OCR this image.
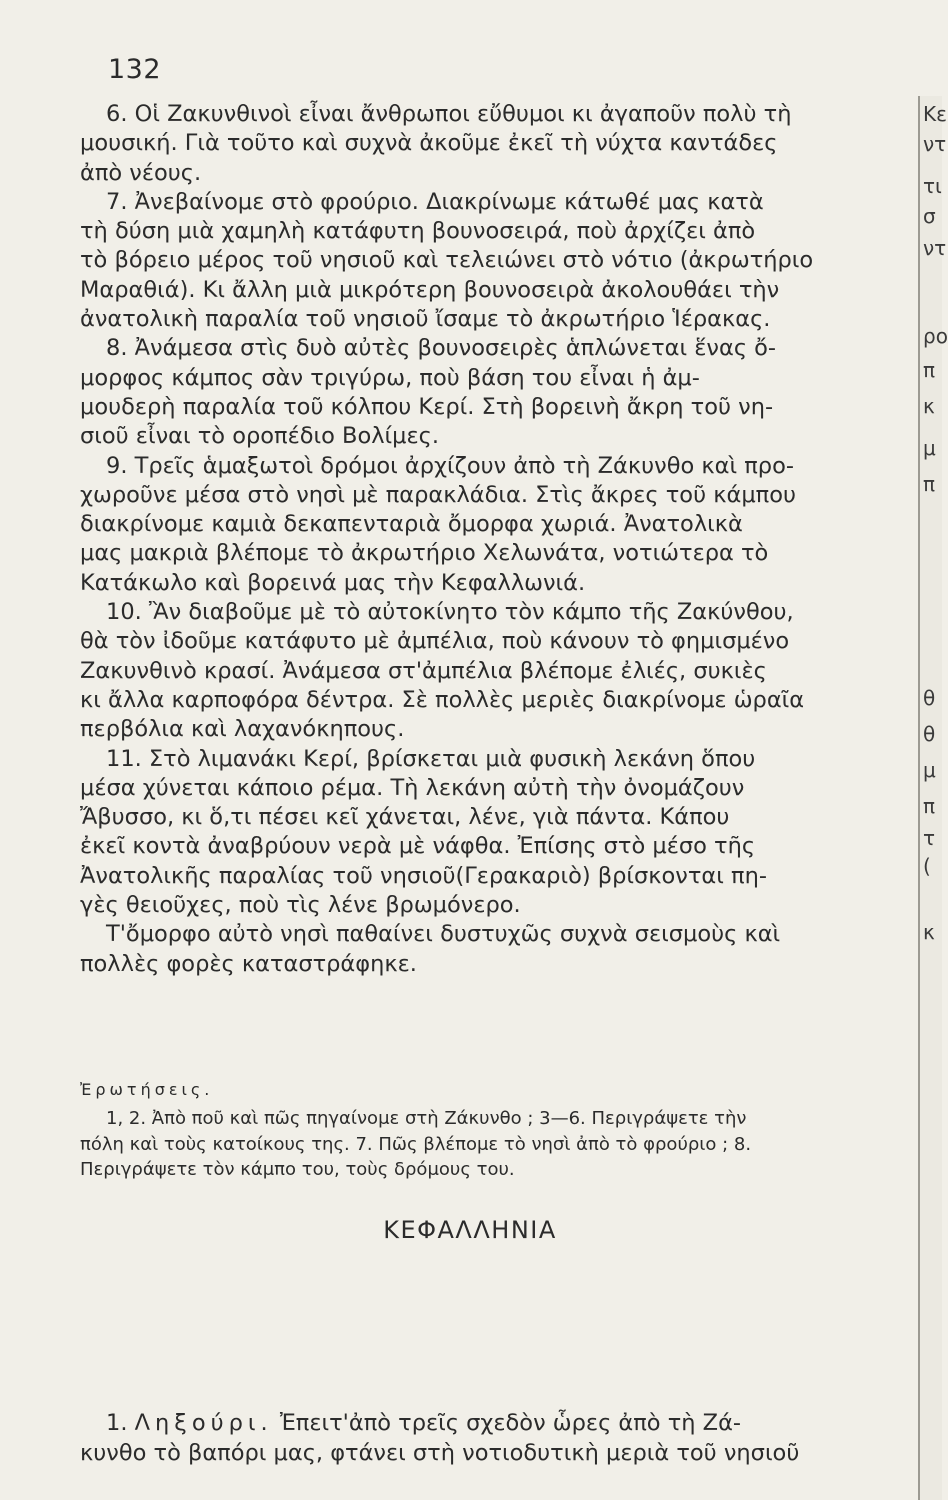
132
6. Οἱ Ζακυνθινοὶ εἶναι ἄνθρωποι εὔθυμοι κι ἀγαποῦν πολὺ τὴ
μουσική. Γιὰ τοῦτο καὶ συχνὰ ἀκοῦμε ἐκεῖ τὴ νύχτα καντάδες
ἀπὸ νέους.
7. Ἀνεβαίνομε στὸ φρούριο. Διακρίνωμε κάτωθέ μας κατὰ
τὴ δύση μιὰ χαμηλὴ κατάφυτη βουνοσειρά, ποὺ ἀρχίζει ἀπὸ
τὸ βόρειο μέρος τοῦ νησιοῦ καὶ τελειώνει στὸ νότιο (ἀκρωτήριο
Μαραθιά). Κι ἄλλη μιὰ μικρότερη βουνοσειρὰ ἀκολουθάει τὴν
ἀνατολικὴ παραλία τοῦ νησιοῦ ἴσαμε τὸ ἀκρωτήριο Ἱέρακας.
8. Ἀνάμεσα στὶς δυὸ αὐτὲς βουνοσειρὲς ἁπλώνεται ἕνας ὄ-
μορφος κάμπος σὰν τριγύρω, ποὺ βάση του εἶναι ἡ ἀμ-
μουδερὴ παραλία τοῦ κόλπου Κερί. Στὴ βορεινὴ ἄκρη τοῦ νη-
σιοῦ εἶναι τὸ οροπέδιο Βολίμες.
9. Τρεῖς ἁμαξωτοὶ δρόμοι ἀρχίζουν ἀπὸ τὴ Ζάκυνθο καὶ προ-
χωροῦνε μέσα στὸ νησὶ μὲ παρακλάδια. Στὶς ἄκρες τοῦ κάμπου
διακρίνομε καμιὰ δεκαπενταριὰ ὄμορφα χωριά. Ἀνατολικὰ
μας μακριὰ βλέπομε τὸ ἀκρωτήριο Χελωνάτα, νοτιώτερα τὸ
Κατάκωλο καὶ βορεινά μας τὴν Κεφαλλωνιά.
10. Ἂν διαβοῦμε μὲ τὸ αὐτοκίνητο τὸν κάμπο τῆς Ζακύνθου,
θὰ τὸν ἰδοῦμε κατάφυτο μὲ ἀμπέλια, ποὺ κάνουν τὸ φημισμένο
Ζακυνθινὸ κρασί. Ἀνάμεσα στ'ἀμπέλια βλέπομε ἐλιές, συκιὲς
κι ἄλλα καρποφόρα δέντρα. Σὲ πολλὲς μεριὲς διακρίνομε ὡραῖα
περβόλια καὶ λαχανόκηπους.
11. Στὸ λιμανάκι Κερί, βρίσκεται μιὰ φυσικὴ λεκάνη ὅπου
μέσα χύνεται κάποιο ρέμα. Τὴ λεκάνη αὐτὴ τὴν ὀνομάζουν
Ἄβυσσο, κι ὅ,τι πέσει κεῖ χάνεται, λένε, γιὰ πάντα. Κάπου
ἐκεῖ κοντὰ ἀναβρύουν νερὰ μὲ νάφθα. Ἐπίσης στὸ μέσο τῆς
Ἀνατολικῆς παραλίας τοῦ νησιοῦ(Γερακαριὸ) βρίσκονται πη-
γὲς θειοῦχες, ποὺ τὶς λένε βρωμόνερο.
Τ'ὄμορφο αὐτὸ νησὶ παθαίνει δυστυχῶς συχνὰ σεισμοὺς καὶ
πολλὲς φορὲς καταστράφηκε.
Ἐρωτήσεις.
1, 2. Ἀπὸ ποῦ καὶ πῶς πηγαίνομε στὴ Ζάκυνθο ; 3—6. Περιγράψετε τὴν
πόλη καὶ τοὺς κατοίκους της. 7. Πῶς βλέπομε τὸ νησὶ ἀπὸ τὸ φρούριο ; 8.
Περιγράψετε τὸν κάμπο του, τοὺς δρόμους του.
ΚΕΦΑΛΛΗΝΙΑ
1. Ληξούρι. Ἐπειτ'ἀπὸ τρεῖς σχεδὸν ὧρες ἀπὸ τὴ Ζά-
κυνθο τὸ βαπόρι μας, φτάνει στὴ νοτιοδυτικὴ μεριὰ τοῦ νησιοῦ
Κε
ντ
τι
σ
ντ
ρο
π
κ
μ
π
θ
θ
μ
π
τ
(
κ
